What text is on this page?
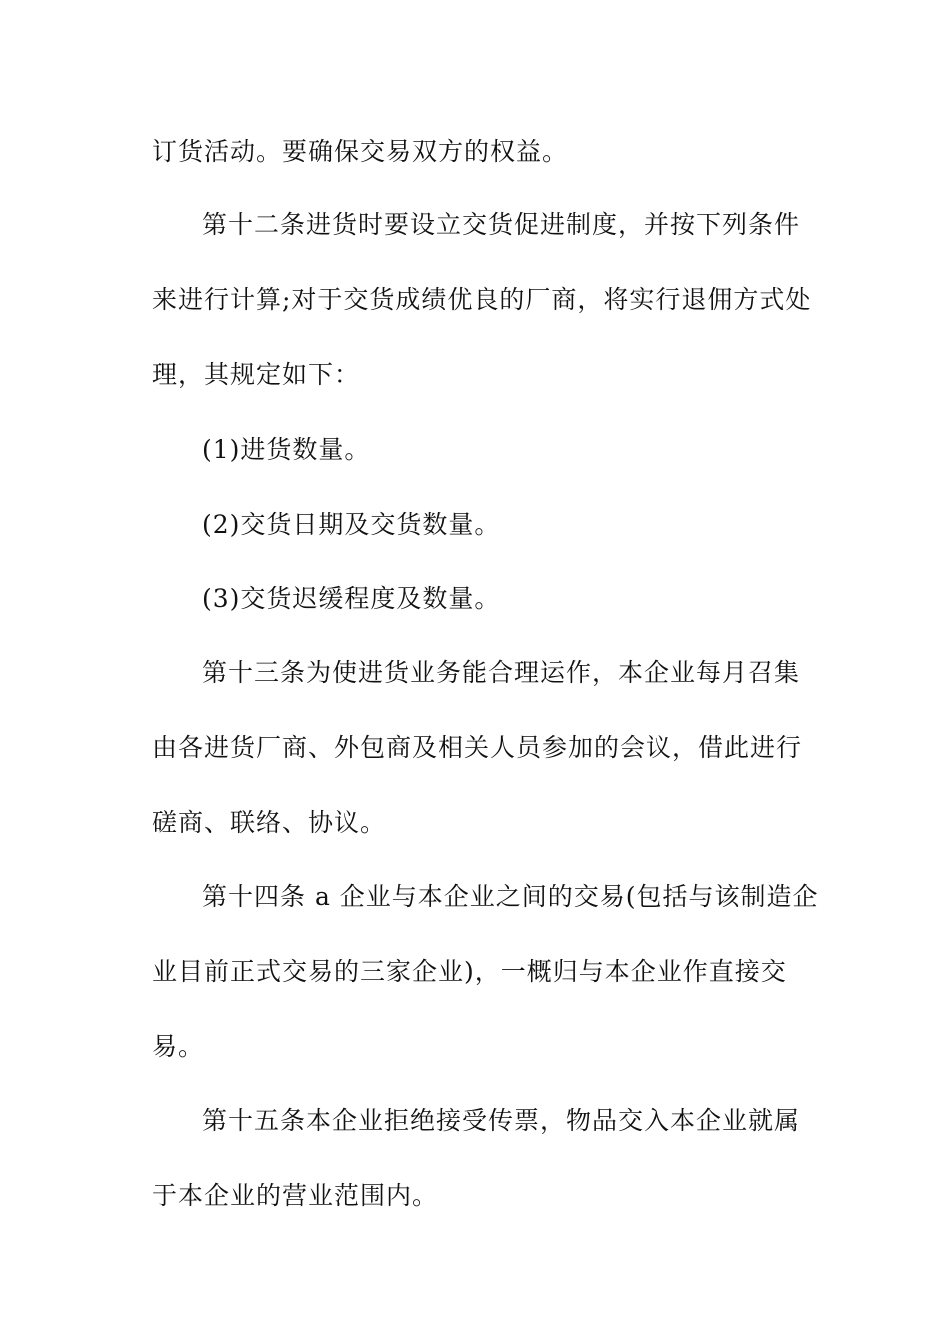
订货活动。要确保交易双方的权益。
第十二条进货时要设立交货促进制度，并按下列条件
来进行计算;对于交货成绩优良的厂商，将实行退佣方式处
理，其规定如下：
(1)进货数量。
(2)交货日期及交货数量。
(3)交货迟缓程度及数量。
第十三条为使进货业务能合理运作，本企业每月召集
由各进货厂商、外包商及相关人员参加的会议，借此进行
磋商、联络、协议。
第十四条 a 企业与本企业之间的交易(包括与该制造企
业目前正式交易的三家企业)，一概归与本企业作直接交
易。
第十五条本企业拒绝接受传票，物品交入本企业就属
于本企业的营业范围内。
